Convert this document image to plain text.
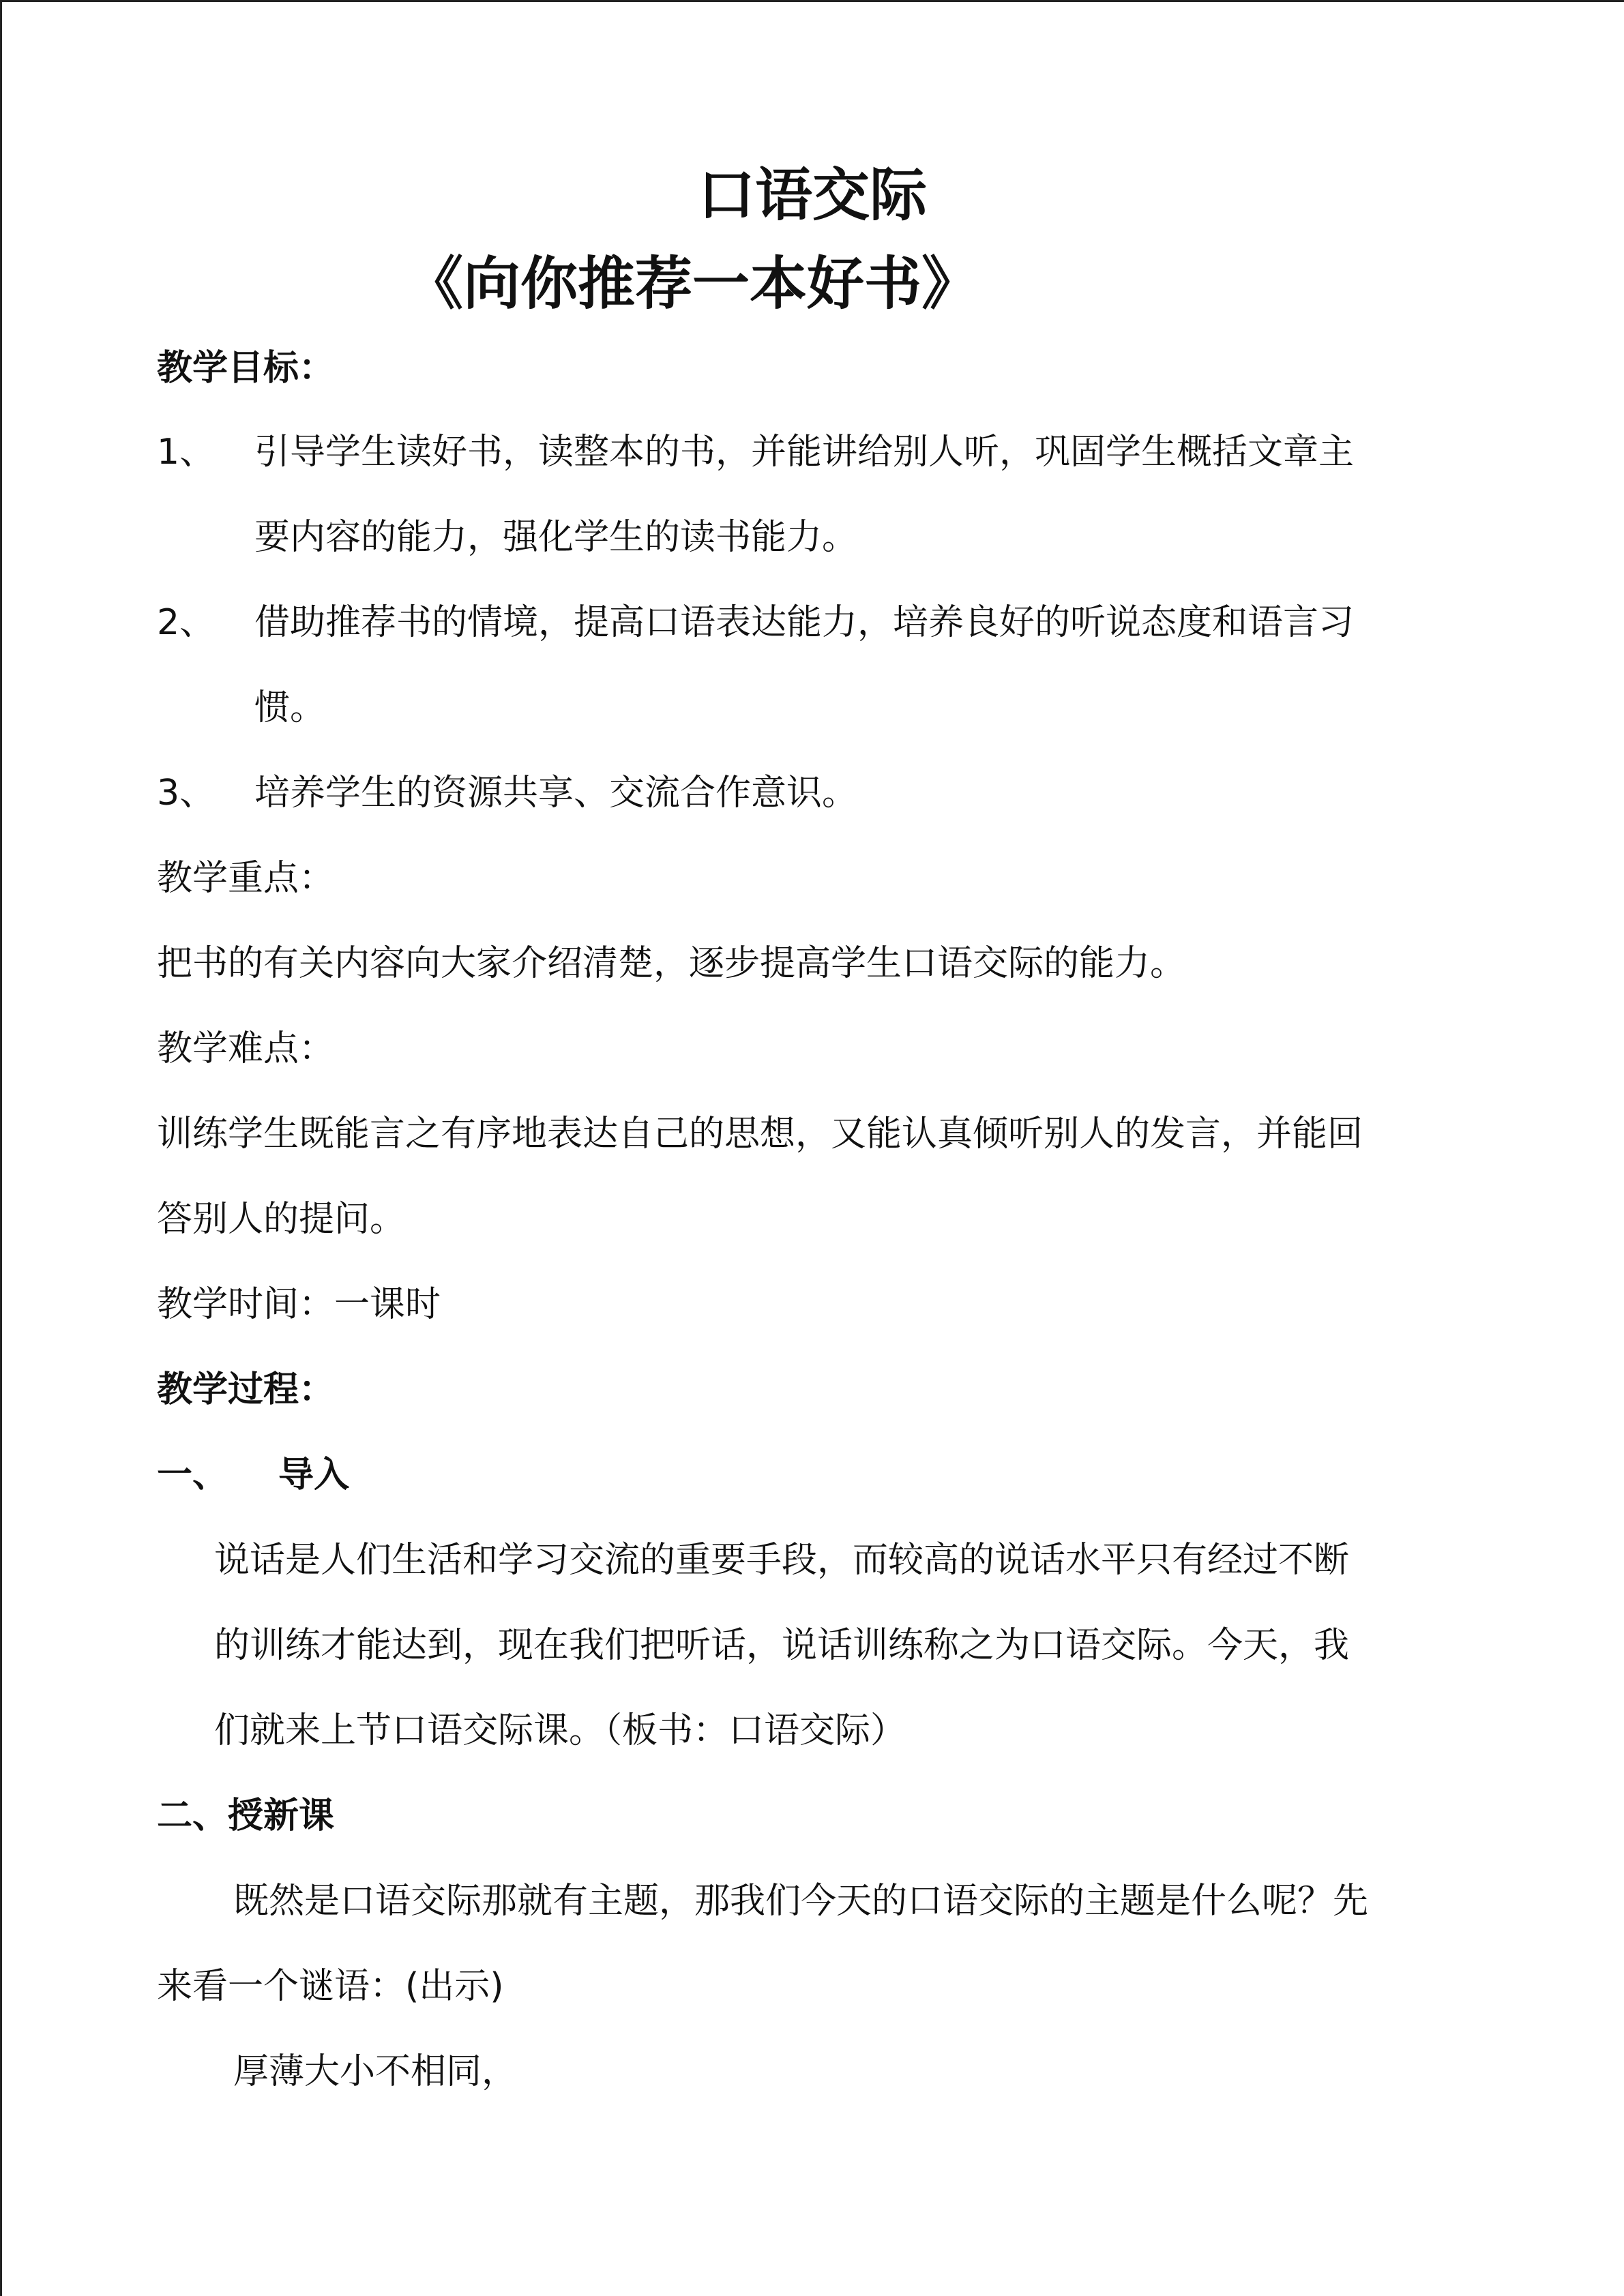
口语交际
《向你推荐一本好书》
教学目标：
1、 引导学生读好书，读整本的书，并能讲给别人听，巩固学生概括文章主
要内容的能力，强化学生的读书能力。
2、 借助推荐书的情境，提高口语表达能力，培养良好的听说态度和语言习
惯。
3、 培养学生的资源共享、交流合作意识。
教学重点：
把书的有关内容向大家介绍清楚，逐步提高学生口语交际的能力。
教学难点：
训练学生既能言之有序地表达自己的思想，又能认真倾听别人的发言，并能回
答别人的提问。
教学时间：一课时
教学过程：
一、 导入
说话是人们生活和学习交流的重要手段，而较高的说话水平只有经过不断
的训练才能达到，现在我们把听话，说话训练称之为口语交际。今天，我
们就来上节口语交际课。（板书：口语交际）
二、授新课
既然是口语交际那就有主题，那我们今天的口语交际的主题是什么呢？先
来看一个谜语：(出示)
厚薄大小不相同，
